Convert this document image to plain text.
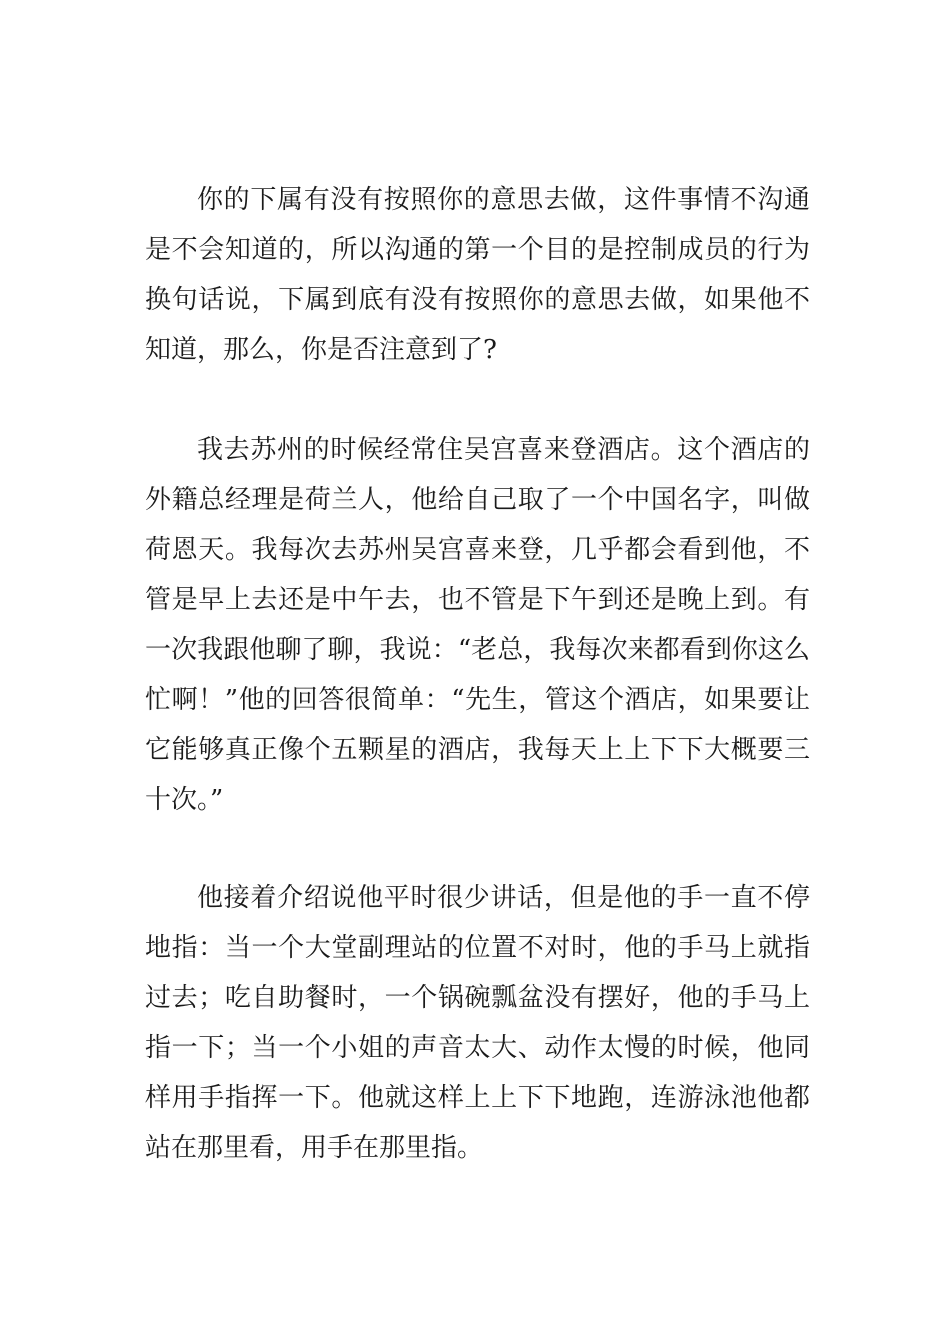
你的下属有没有按照你的意思去做，这件事情不沟通是不会知道的，所以沟通的第一个目的是控制成员的行为换句话说，下属到底有没有按照你的意思去做，如果他不知道，那么，你是否注意到了?

我去苏州的时候经常住吴宫喜来登酒店。这个酒店的外籍总经理是荷兰人，他给自己取了一个中国名字，叫做荷恩天。我每次去苏州吴宫喜来登，几乎都会看到他，不管是早上去还是中午去，也不管是下午到还是晚上到。有一次我跟他聊了聊，我说：“老总，我每次来都看到你这么忙啊！”他的回答很简单：“先生，管这个酒店，如果要让它能够真正像个五颗星的酒店，我每天上上下下大概要三十次。”

他接着介绍说他平时很少讲话，但是他的手一直不停地指：当一个大堂副理站的位置不对时，他的手马上就指过去；吃自助餐时，一个锅碗瓢盆没有摆好，他的手马上指一下；当一个小姐的声音太大、动作太慢的时候，他同样用手指挥一下。他就这样上上下下地跑，连游泳池他都站在那里看，用手在那里指。
